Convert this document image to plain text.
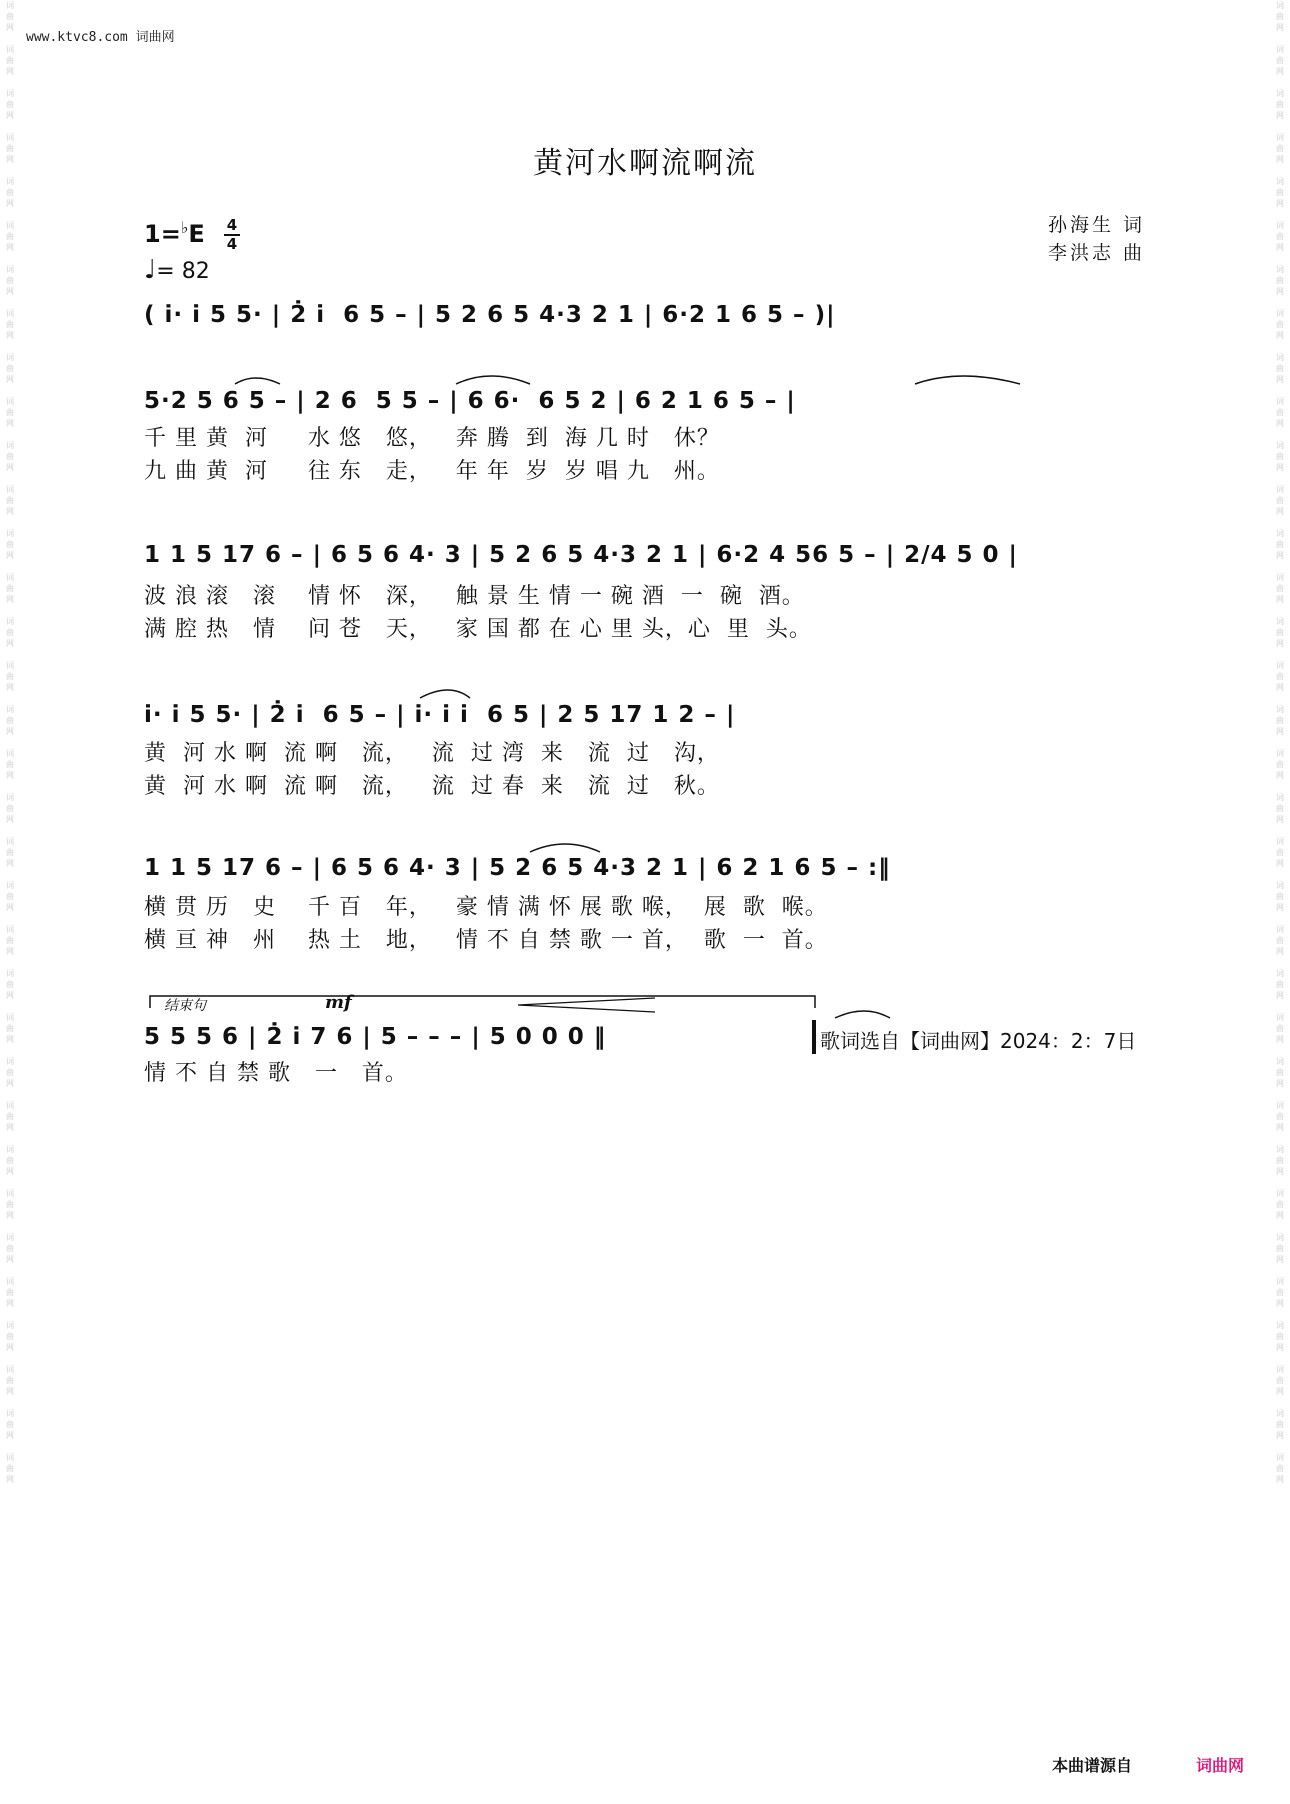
词
曲
网

词
曲
网

词
曲
网

词
曲
网

词
曲
网

词
曲
网

词
曲
网

词
曲
网

词
曲
网

词
曲
网

词
曲
网

词
曲
网

词
曲
网

词
曲
网

词
曲
网

词
曲
网

词
曲
网

词
曲
网

词
曲
网

词
曲
网

词
曲
网

词
曲
网

词
曲
网

词
曲
网

词
曲
网

词
曲
网

词
曲
网

词
曲
网

词
曲
网

词
曲
网

词
曲
网

词
曲
网

词
曲
网

词
曲
网

词
曲
网

词
曲
网

词
曲
网

词
曲
网

词
曲
网

词
曲
网

词
曲
网

词
曲
网

词
曲
网

词
曲
网

词
曲
网

词
曲
网

词
曲
网

词
曲
网

词
曲
网

词
曲
网

词
曲
网

词
曲
网

词
曲
网

词
曲
网

词
曲
网

词
曲
网

词
曲
网

词
曲
网

词
曲
网

词
曲
网

词
曲
网

词
曲
网

词
曲
网

词
曲
网

词
曲
网

词
曲
网

词
曲
网

词
曲
网

www.ktvc8.com 词曲网
黄河水啊流啊流
孙海生 词
李洪志 曲
1=♭E 4
4
♩= 82
( i̇· i̇ 5 5· | 2̇ i̇  6 5 – | 5 2 6 5 4·3 2 1 | 6·2 1 6 5 – )|
5·2 5 6 5 – | 2 6  5 5 – | 6 6·  6 5 2 | 6 2 1 6 5 – |
千 里 黄  河     水 悠   悠，   奔 腾  到  海 几 时   休？
九 曲 黄  河     往 东   走，   年 年  岁  岁 唱 九   州。
1 1 5 17 6 – | 6 5 6 4· 3 | 5 2 6 5 4·3 2 1 | 6·2 4 56 5 – | 2/4 5 0 |
波 浪 滚   滚    情 怀   深，   触 景 生 情 一 碗 酒  一  碗  酒。
满 腔 热   情    问 苍   天，   家 国 都 在 心 里 头，心  里  头。
i̇· i̇ 5 5· | 2̇ i̇  6 5 – | i̇· i̇ i̇  6 5 | 2 5 17 1 2 – |
黄  河 水 啊  流 啊   流，   流  过 湾  来   流  过   沟，
黄  河 水 啊  流 啊   流，   流  过 春  来   流  过   秋。
1 1 5 17 6 – | 6 5 6 4· 3 | 5 2 6 5 4·3 2 1 | 6 2 1 6 5 – :‖
横 贯 历   史    千 百   年，   豪 情 满 怀 展 歌 喉，  展  歌  喉。
横 亘 神   州    热 土   地，   情 不 自 禁 歌 一 首，  歌  一  首。
结束句	mf
5 5 5 6 | 2̇ i̇ 7 6 | 5 – – – | 5 0 0 0 ‖	歌词选自【词曲网】2024：2：7日
情 不 自 禁 歌   一   首。
本曲谱源自	词曲网
